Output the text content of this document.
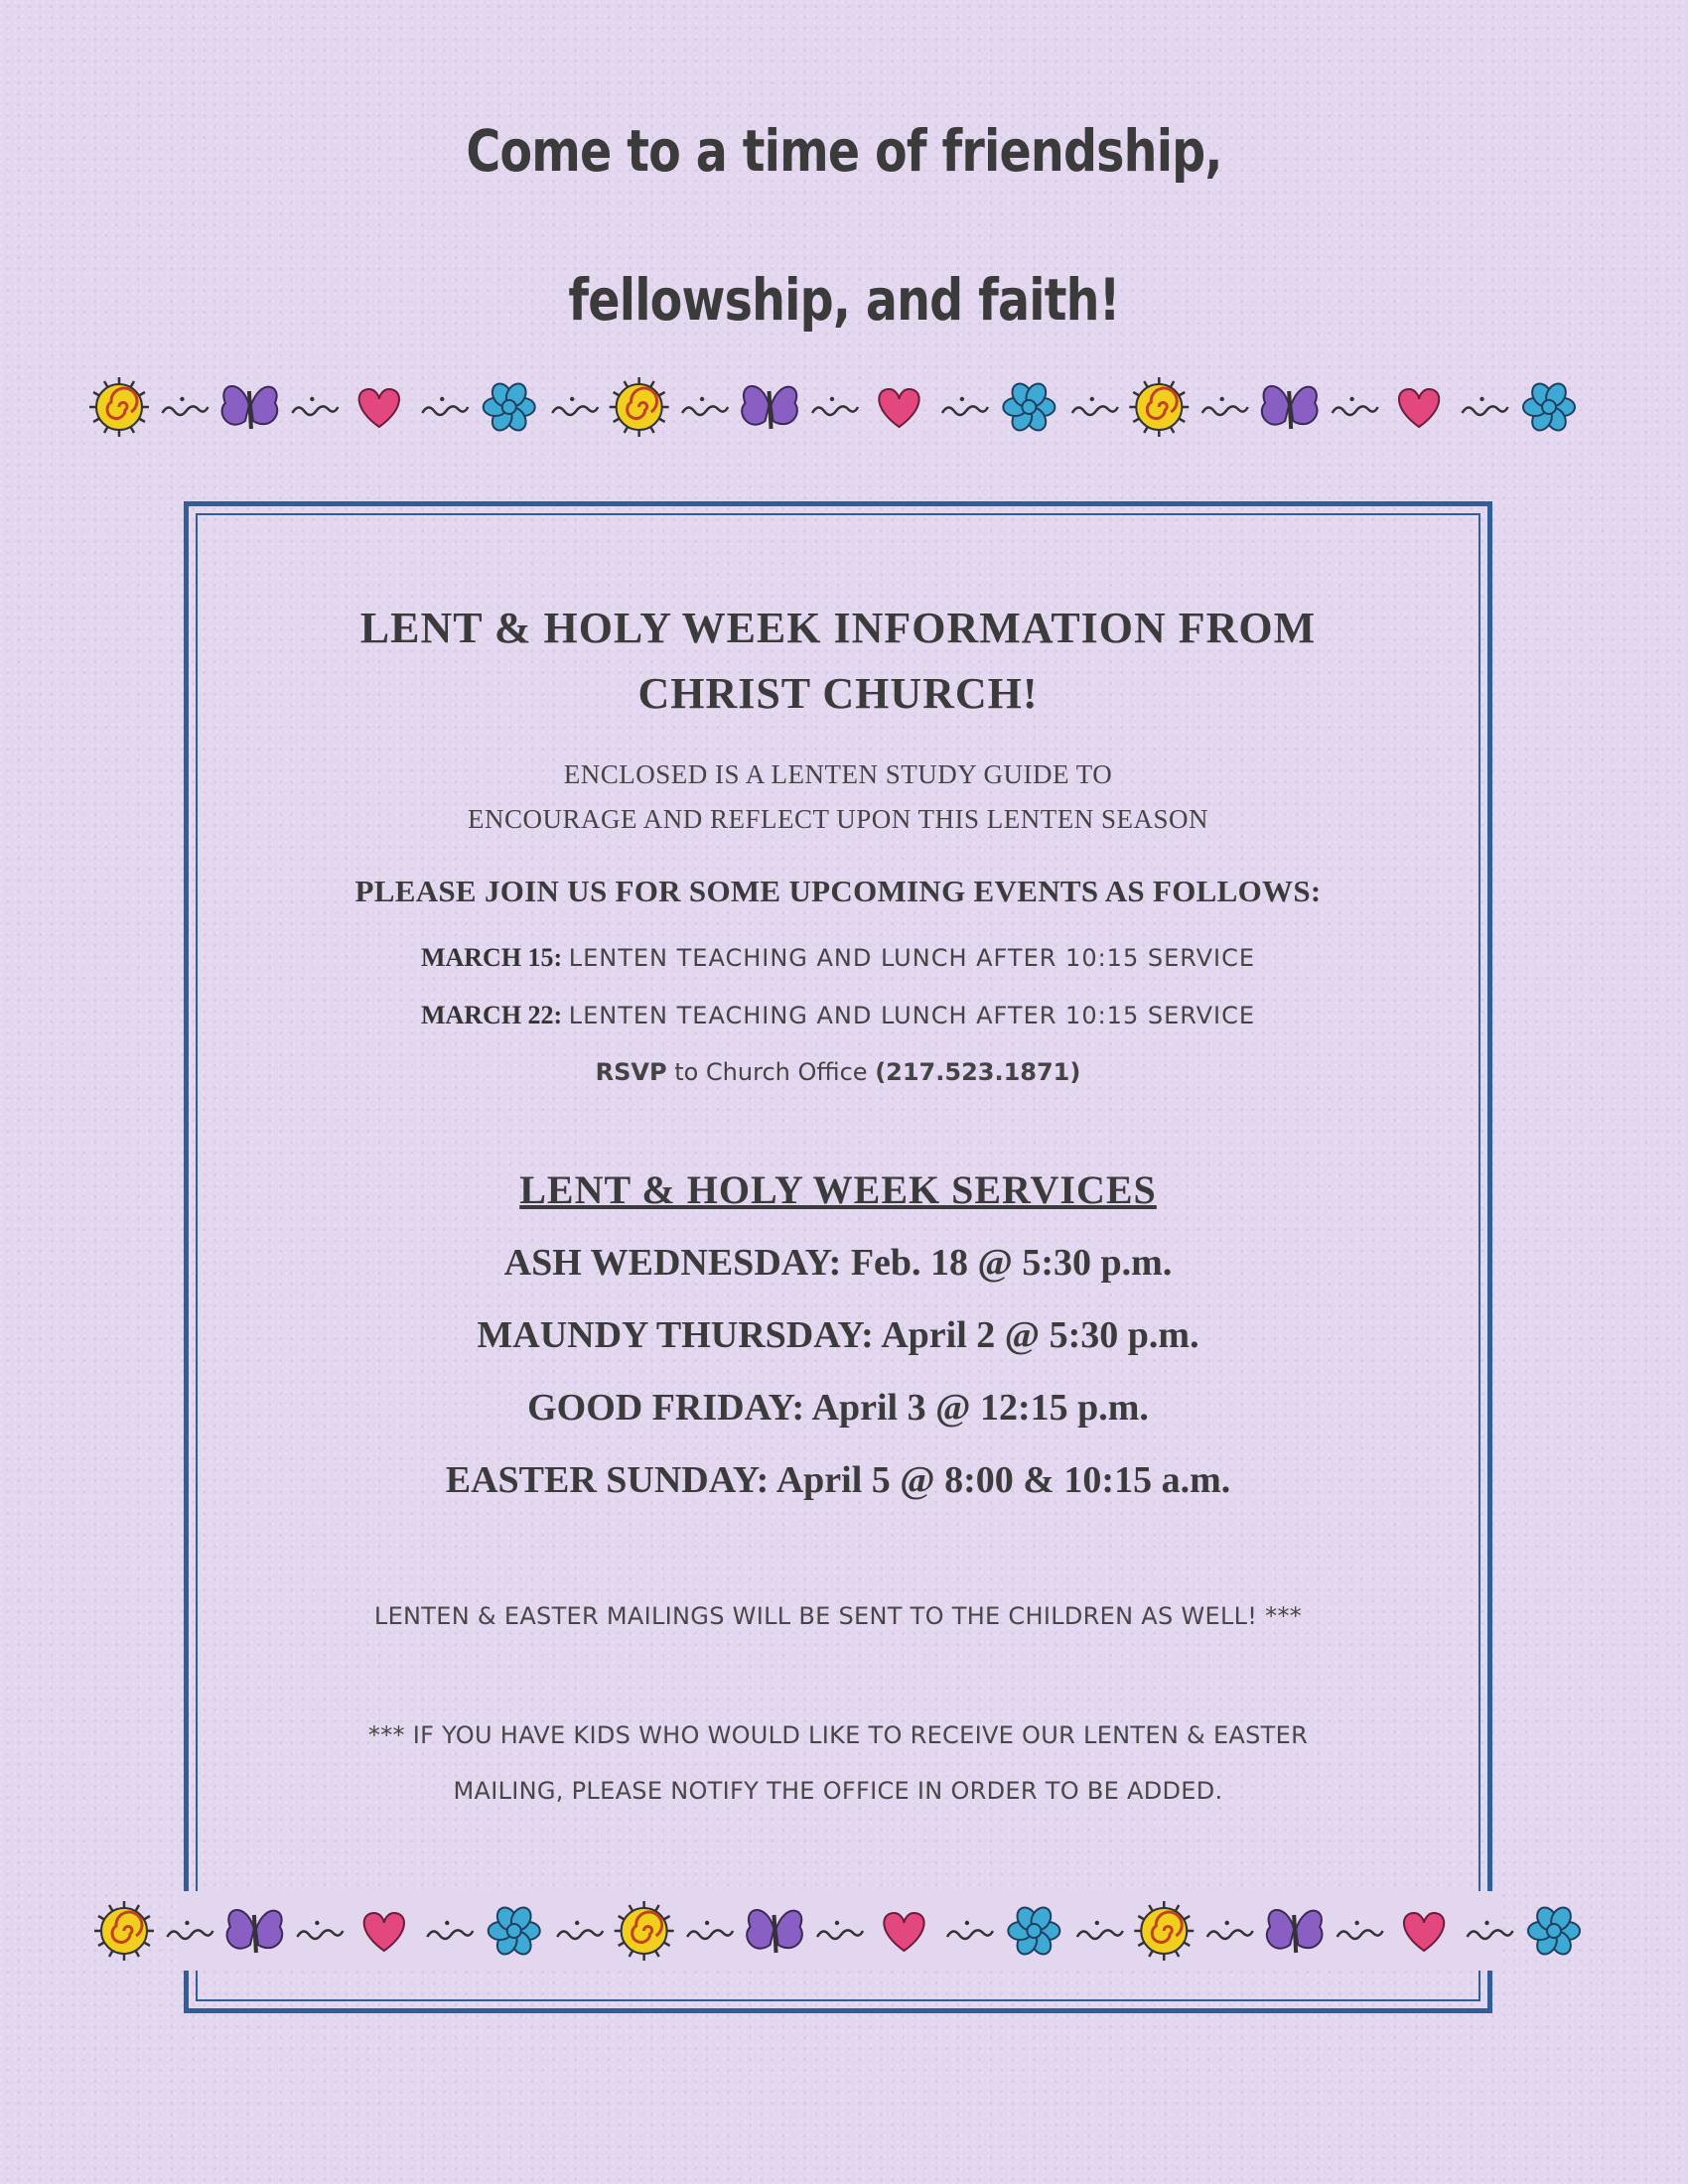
Come to a time of friendship,
fellowship, and faith!
LENT & HOLY WEEK INFORMATION FROM
CHRIST CHURCH!
ENCLOSED IS A LENTEN STUDY GUIDE TO
ENCOURAGE AND REFLECT UPON THIS LENTEN SEASON
PLEASE JOIN US FOR SOME UPCOMING EVENTS AS FOLLOWS:
MARCH 15: LENTEN TEACHING AND LUNCH AFTER 10:15 SERVICE
MARCH 22: LENTEN TEACHING AND LUNCH AFTER 10:15 SERVICE
RSVP to Church Office (217.523.1871)
LENT & HOLY WEEK SERVICES
ASH WEDNESDAY: Feb. 18 @ 5:30 p.m.
MAUNDY THURSDAY: April 2 @ 5:30 p.m.
GOOD FRIDAY: April 3 @ 12:15 p.m.
EASTER SUNDAY: April 5 @ 8:00 & 10:15 a.m.
LENTEN & EASTER MAILINGS WILL BE SENT TO THE CHILDREN AS WELL! ***
*** IF YOU HAVE KIDS WHO WOULD LIKE TO RECEIVE OUR LENTEN & EASTER
MAILING, PLEASE NOTIFY THE OFFICE IN ORDER TO BE ADDED.
